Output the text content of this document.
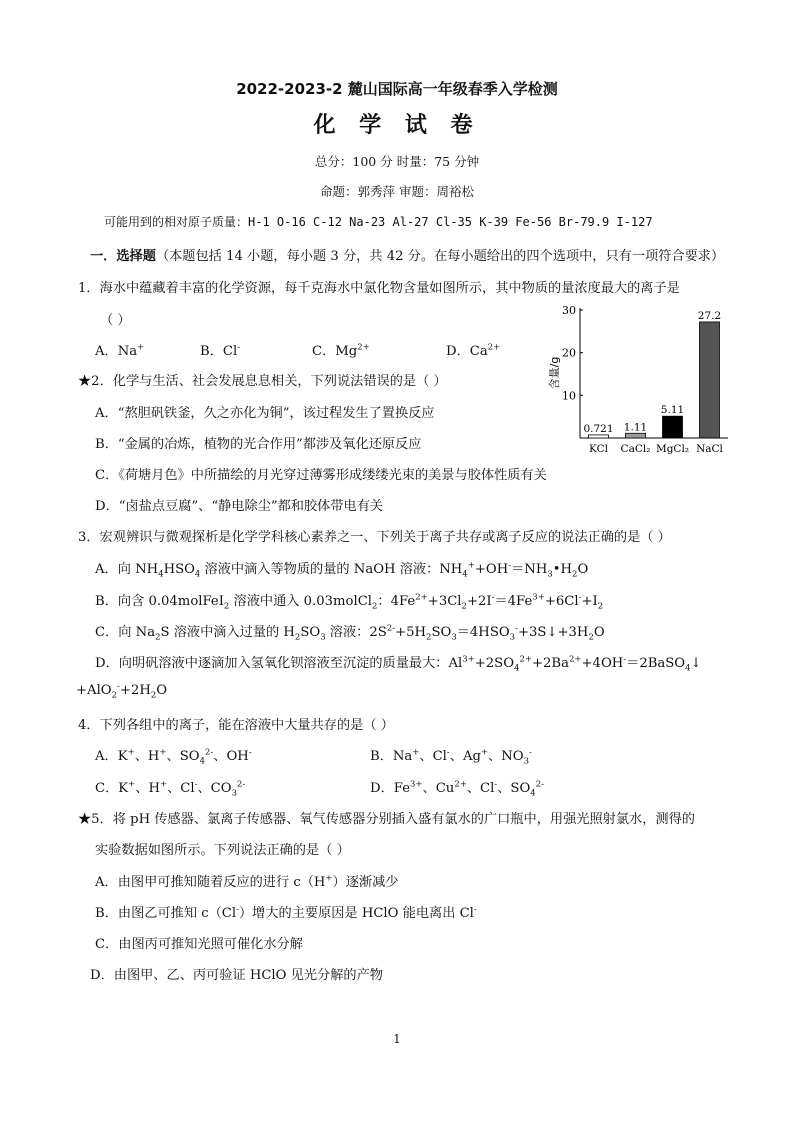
2022-2023-2 麓山国际高一年级春季入学检测
化 学 试 卷
总分：100 分 时量：75 分钟
命题：郭秀萍 审题：周裕松
可能用到的相对原子质量：H-1 O-16 C-12 Na-23 Al-27 Cl-35 K-39 Fe-56 Br-79.9 I-127
一．选择题（本题包括 14 小题，每小题 3 分，共 42 分。在每小题给出的四个选项中，只有一项符合要求）
1．海水中蕴藏着丰富的化学资源，每千克海水中氯化物含量如图所示，其中物质的量浓度最大的离子是
（ ）
A．Na+	B．Cl-	C．$Mg^{2+}$	D．$Ca^{2+}$
10
20
30
含量/g
0.721
KCl
1.11
CaCl₂
5.11
MgCl₂
27.2
NaCl
★2．化学与生活、社会发展息息相关，下列说法错误的是（ ）
A．“熬胆矾铁釜，久之亦化为铜”，该过程发生了置换反应
B．“金属的冶炼，植物的光合作用”都涉及氧化还原反应
C．《荷塘月色》中所描绘的月光穿过薄雾形成缕缕光束的美景与胶体性质有关
D．“卤盐点豆腐”、“静电除尘”都和胶体带电有关
3．宏观辨识与微观探析是化学学科核心素养之一、下列关于离子共存或离子反应的说法正确的是（ ）
A．向 $NH_4HSO_4$ 溶液中滴入等物质的量的 NaOH 溶液：$NH_4^++OH^-=NH_3•H_2O$
B．向含 0.04molFeI$_2$ 溶液中通入 0.03molCl$_2$：$4Fe^{2+}+3Cl_2+2I^-=4Fe^{3+}+6Cl^-+I_2$
C．向 $Na_2S$ 溶液中滴入过量的 $H_2SO_3$ 溶液：$2S^{2-}+5H_2SO_3=4HSO_3^-+3S↓+3H_2O$
D．向明矾溶液中逐滴加入氢氧化钡溶液至沉淀的质量最大：$Al^{3+}+2SO_4^{2+}+2Ba^{2+}+4OH^-=2BaSO_4↓$
$+AlO_2^-+2H_2O$
4．下列各组中的离子，能在溶液中大量共存的是（ ）
A．K+、H+、$SO_4^{2-}$、OH-	B．Na+、Cl-、Ag+、$NO_3^-$
C．K+、H+、Cl-、$CO_3^{2-}$	D．$Fe^{3+}$、$Cu^{2+}$、Cl-、$SO_4^{2-}$
★5．将 pH 传感器、氯离子传感器、氧气传感器分别插入盛有氯水的广口瓶中，用强光照射氯水，测得的
实验数据如图所示。下列说法正确的是（ ）
A．由图甲可推知随着反应的进行 c（H+）逐渐减少
B．由图乙可推知 c（Cl-）增大的主要原因是 HClO 能电离出 Cl-
C．由图丙可推知光照可催化水分解
D．由图甲、乙、丙可验证 HClO 见光分解的产物
1
